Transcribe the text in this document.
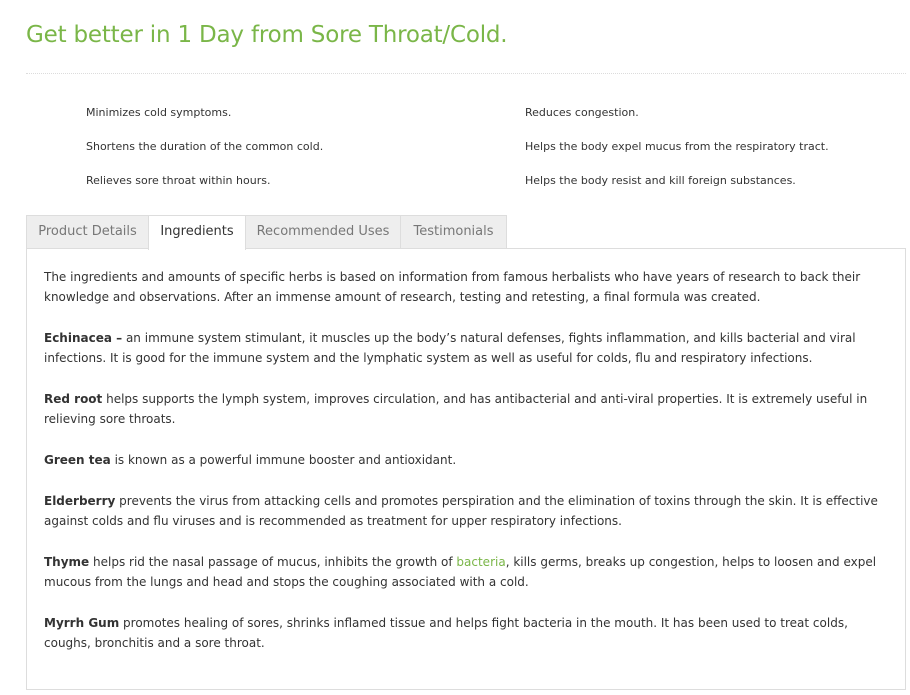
Get better in 1 Day from Sore Throat/Cold.
Minimizes cold symptoms.
Shortens the duration of the common cold.
Relieves sore throat within hours.
Reduces congestion.
Helps the body expel mucus from the respiratory tract.
Helps the body resist and kill foreign substances.
Product Details	Ingredients	Recommended Uses	Testimonials

The ingredients and amounts of specific herbs is based on information from famous herbalists who have years of research to back their knowledge and observations. After an immense amount of research, testing and retesting, a final formula was created.

Echinacea – an immune system stimulant, it muscles up the body’s natural defenses, fights inflammation, and kills bacterial and viral infections. It is good for the immune system and the lymphatic system as well as useful for colds, flu and respiratory infections.

Red root helps supports the lymph system, improves circulation, and has antibacterial and anti-viral properties. It is extremely useful in relieving sore throats.

Green tea is known as a powerful immune booster and antioxidant.

Elderberry prevents the virus from attacking cells and promotes perspiration and the elimination of toxins through the skin. It is effective against colds and flu viruses and is recommended as treatment for upper respiratory infections.

Thyme helps rid the nasal passage of mucus, inhibits the growth of bacteria, kills germs, breaks up congestion, helps to loosen and expel mucous from the lungs and head and stops the coughing associated with a cold.

Myrrh Gum promotes healing of sores, shrinks inflamed tissue and helps fight bacteria in the mouth. It has been used to treat colds, coughs, bronchitis and a sore throat.
